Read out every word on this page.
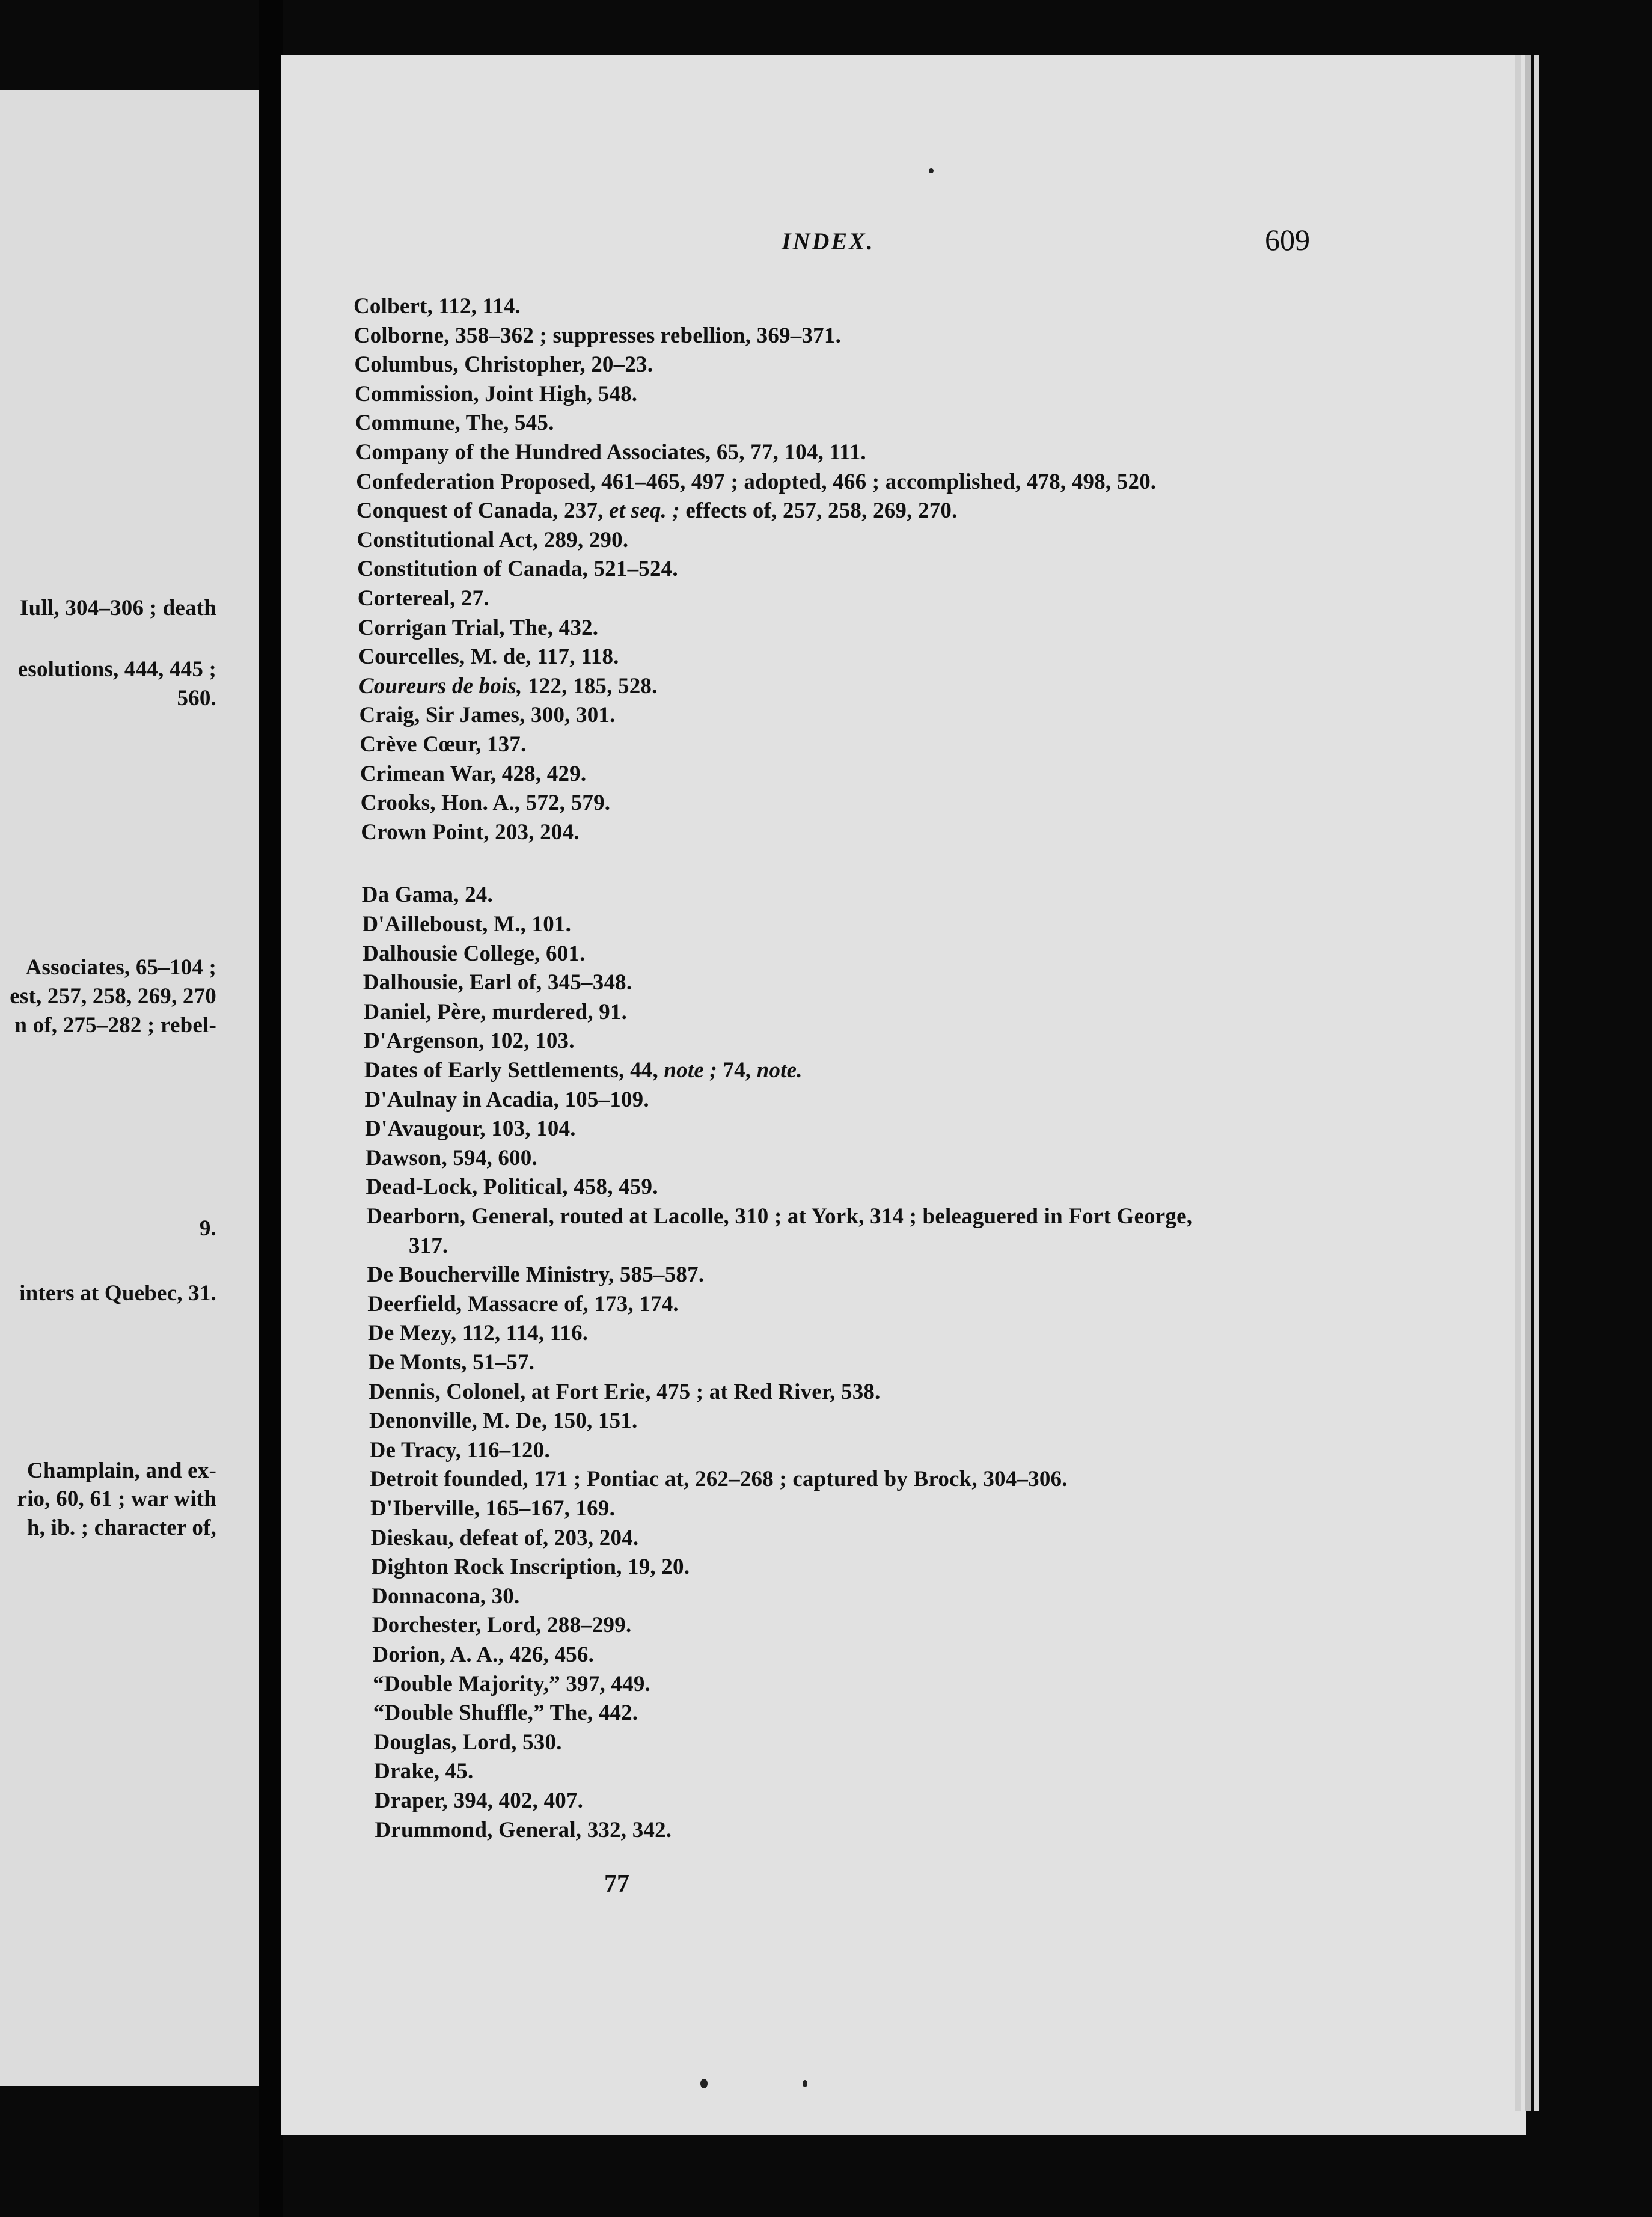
Iull, 304–306 ; death
esolutions, 444, 445 ;
560.
Associates, 65–104 ;
est, 257, 258, 269, 270
n of, 275–282 ; rebel-
9.
inters at Quebec, 31.
Champlain, and ex-
rio, 60, 61 ; war with
h, ib. ; character of,
INDEX.	609
Colbert, 112, 114.
Colborne, 358–362 ; suppresses rebellion, 369–371.
Columbus, Christopher, 20–23.
Commission, Joint High, 548.
Commune, The, 545.
Company of the Hundred Associates, 65, 77, 104, 111.
Confederation Proposed, 461–465, 497 ; adopted, 466 ; accomplished, 478, 498, 520.
Conquest of Canada, 237, et seq. ; effects of, 257, 258, 269, 270.
Constitutional Act, 289, 290.
Constitution of Canada, 521–524.
Cortereal, 27.
Corrigan Trial, The, 432.
Courcelles, M. de, 117, 118.
Coureurs de bois, 122, 185, 528.
Craig, Sir James, 300, 301.
Crève Cœur, 137.
Crimean War, 428, 429.
Crooks, Hon. A., 572, 579.
Crown Point, 203, 204.
Da Gama, 24.
D'Ailleboust, M., 101.
Dalhousie College, 601.
Dalhousie, Earl of, 345–348.
Daniel, Père, murdered, 91.
D'Argenson, 102, 103.
Dates of Early Settlements, 44, note ; 74, note.
D'Aulnay in Acadia, 105–109.
D'Avaugour, 103, 104.
Dawson, 594, 600.
Dead-Lock, Political, 458, 459.
Dearborn, General, routed at Lacolle, 310 ; at York, 314 ; beleaguered in Fort George,
317.
De Boucherville Ministry, 585–587.
Deerfield, Massacre of, 173, 174.
De Mezy, 112, 114, 116.
De Monts, 51–57.
Dennis, Colonel, at Fort Erie, 475 ; at Red River, 538.
Denonville, M. De, 150, 151.
De Tracy, 116–120.
Detroit founded, 171 ; Pontiac at, 262–268 ; captured by Brock, 304–306.
D'Iberville, 165–167, 169.
Dieskau, defeat of, 203, 204.
Dighton Rock Inscription, 19, 20.
Donnacona, 30.
Dorchester, Lord, 288–299.
Dorion, A. A., 426, 456.
“Double Majority,” 397, 449.
“Double Shuffle,” The, 442.
Douglas, Lord, 530.
Drake, 45.
Draper, 394, 402, 407.
Drummond, General, 332, 342.
77
